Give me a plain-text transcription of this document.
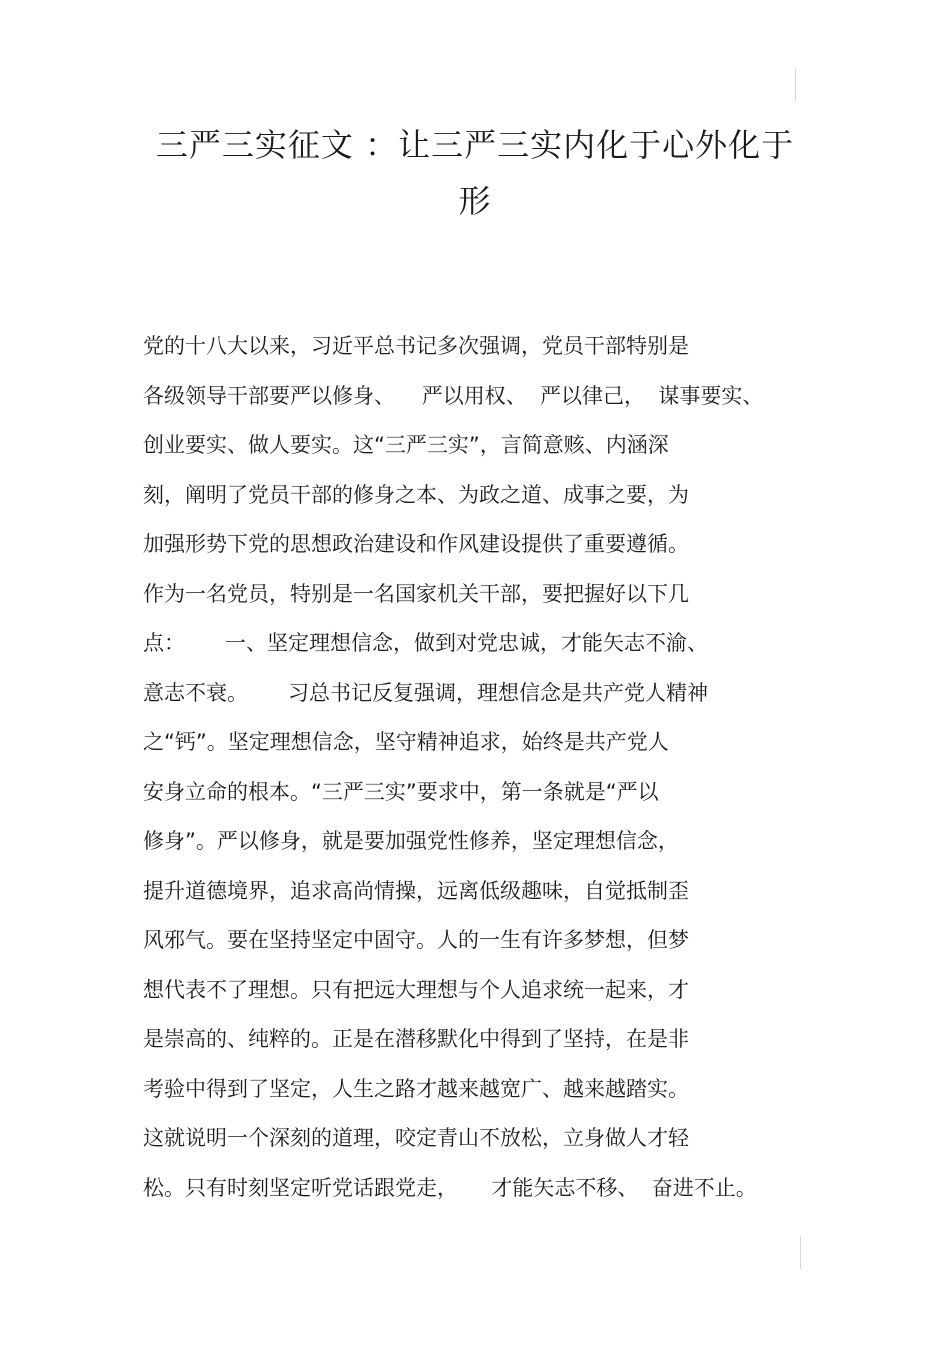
三严三实征文 ：让三严三实内化于心外化于
形
党的十八大以来，习近平总书记多次强调，党员干部特别是
各级领导干部要严以修身、    严以用权、  严以律己，  谋事要实、
创业要实、做人要实。这“三严三实”，言简意赅、内涵深
刻，阐明了党员干部的修身之本、为政之道、成事之要，为
加强形势下党的思想政治建设和作风建设提供了重要遵循。
作为一名党员，特别是一名国家机关干部，要把握好以下几
点：      一、坚定理想信念，做到对党忠诚，才能矢志不渝、
意志不衰。      习总书记反复强调，理想信念是共产党人精神
之“钙”。坚定理想信念，坚守精神追求，始终是共产党人
安身立命的根本。“三严三实”要求中，第一条就是“严以
修身”。严以修身，就是要加强党性修养，坚定理想信念，
提升道德境界，追求高尚情操，远离低级趣味，自觉抵制歪
风邪气。要在坚持坚定中固守。人的一生有许多梦想，但梦
想代表不了理想。只有把远大理想与个人追求统一起来，才
是崇高的、纯粹的。正是在潜移默化中得到了坚持，在是非
考验中得到了坚定，人生之路才越来越宽广、越来越踏实。
这就说明一个深刻的道理，咬定青山不放松，立身做人才轻
松。只有时刻坚定听党话跟党走，     才能矢志不移、  奋进不止。
